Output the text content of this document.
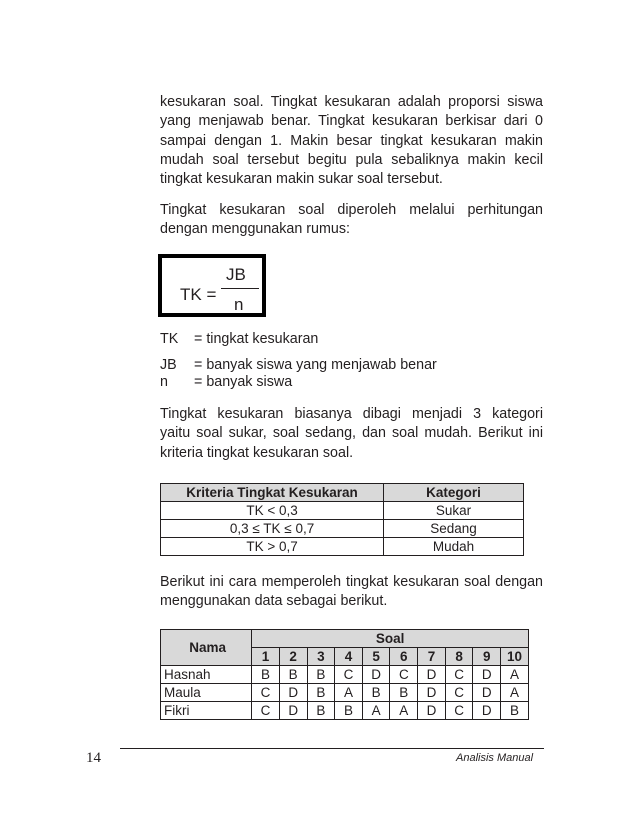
kesukaran soal. Tingkat kesukaran adalah proporsi siswa
yang menjawab benar. Tingkat kesukaran berkisar dari 0
sampai dengan 1. Makin besar tingkat kesukaran makin
mudah soal tersebut begitu pula sebaliknya makin kecil
tingkat kesukaran makin sukar soal tersebut.

Tingkat kesukaran soal diperoleh melalui perhitungan
dengan menggunakan rumus:

TK =
JB
n
TK = tingkat kesukaran
JB = banyak siswa yang menjawab benar
n = banyak siswa

Tingkat kesukaran biasanya dibagi menjadi 3 kategori
yaitu soal sukar, soal sedang, dan soal mudah. Berikut ini
kriteria tingkat kesukaran soal.

Kriteria Tingkat Kesukaran	Kategori
TK < 0,3	Sukar
0,3 ≤ TK ≤ 0,7	Sedang
TK > 0,7	Mudah

Berikut ini cara memperoleh tingkat kesukaran soal dengan
menggunakan data sebagai berikut.

Nama	Soal									
	1	2	3	4	5	6	7	8	9	10
Hasnah	B	B	B	C	D	C	D	C	D	A
Maula	C	D	B	A	B	B	D	C	D	A
Fikri	C	D	B	B	A	A	D	C	D	B
14	Analisis Manual
